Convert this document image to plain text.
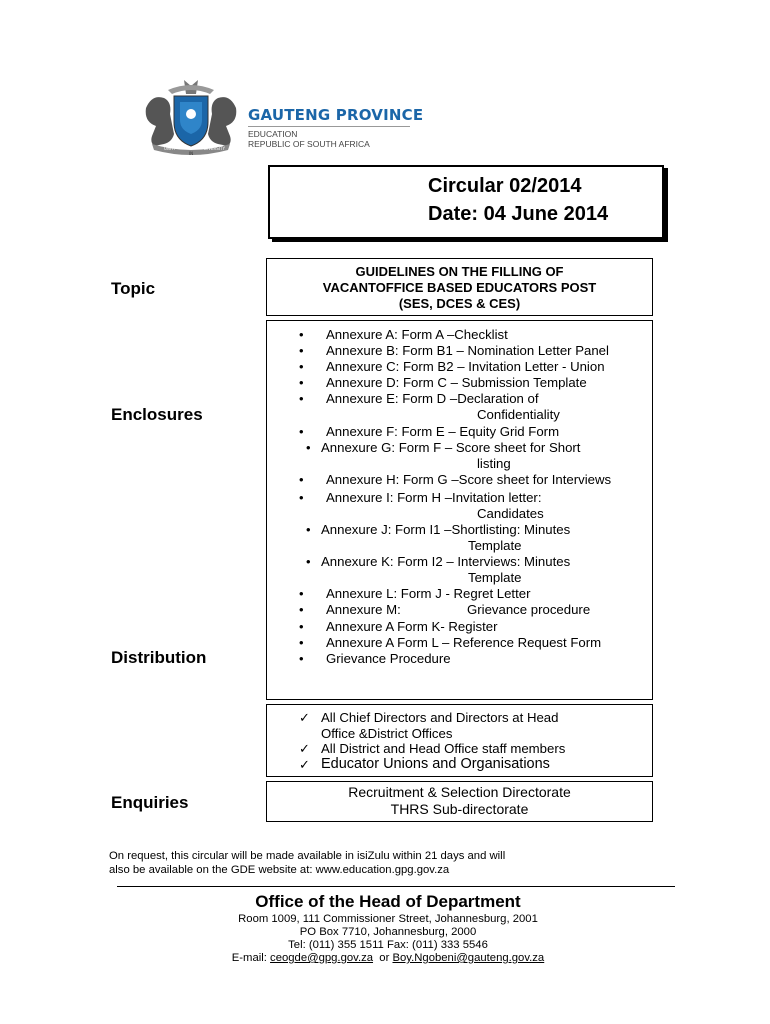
UNITY	DIVERSITY
IN
GAUTENG PROVINCE
EDUCATION
REPUBLIC OF SOUTH AFRICA
Circular 02/2014
Date: 04 June 2014
Topic
Enclosures
Distribution
Enquiries
GUIDELINES ON THE FILLING OF
VACANTOFFICE BASED EDUCATORS POST
(SES, DCES & CES)
• Annexure A: Form A –Checklist
• Annexure B: Form B1 – Nomination Letter Panel
• Annexure C: Form B2 – Invitation Letter - Union
• Annexure D: Form C – Submission Template
• Annexure E: Form D –Declaration of
Confidentiality
• Annexure F: Form E – Equity Grid Form
• Annexure G: Form F – Score sheet for Short
listing
• Annexure H: Form G –Score sheet for Interviews
• Annexure I: Form H –Invitation letter:
Candidates
• Annexure J: Form I1 –Shortlisting: Minutes
Template
• Annexure K: Form I2 – Interviews: Minutes
Template
• Annexure L: Form J - Regret Letter
• Annexure M:	Grievance procedure
• Annexure A Form K- Register
• Annexure A Form L – Reference Request Form
• Grievance Procedure
✓ All Chief Directors and Directors at Head
Office &District Offices
✓ All District and Head Office staff members
✓ Educator Unions and Organisations
Recruitment & Selection Directorate
THRS Sub-directorate
On request, this circular will be made available in isiZulu within 21 days and will
also be available on the GDE website at: www.education.gpg.gov.za
Office of the Head of Department
Room 1009, 111 Commissioner Street, Johannesburg, 2001
PO Box 7710, Johannesburg, 2000
Tel: (011) 355 1511 Fax: (011) 333 5546
E-mail: ceogde@gpg.gov.za  or Boy.Ngobeni@gauteng.gov.za
